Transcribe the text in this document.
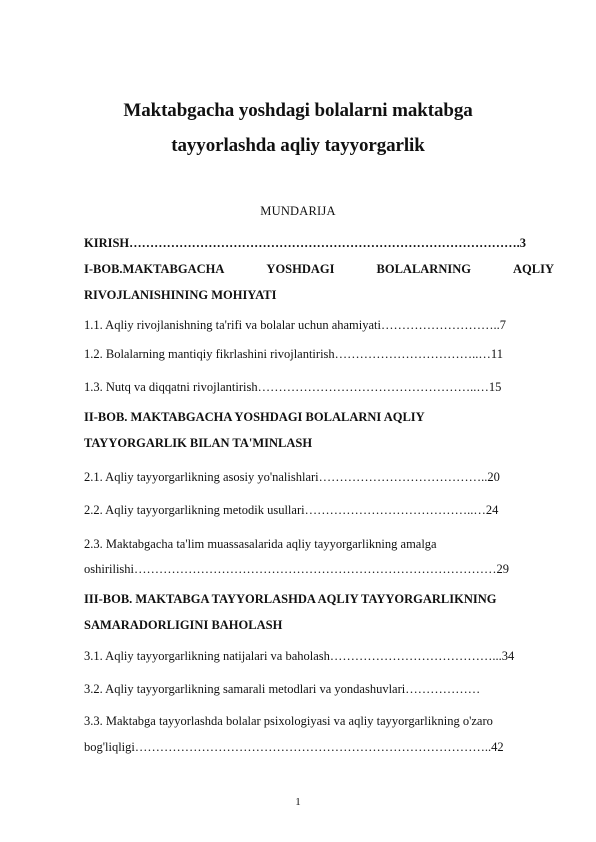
Maktabgacha yoshdagi bolalarni maktabga
tayyorlashda aqliy tayyorgarlik
MUNDARIJA
KIRISH………………………………………………………………………………….3
I-BOB.MAKTABGACHA	YOSHDAGI	BOLALARNING	AQLIY
RIVOJLANISHINING MOHIYATI
1.1. Aqliy rivojlanishning ta'rifi va bolalar uchun ahamiyati………………………..7
1.2. Bolalarning mantiqiy fikrlashini rivojlantirish……………………………..…11
1.3. Nutq va diqqatni rivojlantirish……………………………………………..…15
II-BOB. MAKTABGACHA YOSHDAGI BOLALARNI AQLIY
TAYYORGARLIK BILAN TA'MINLASH
2.1. Aqliy tayyorgarlikning asosiy yo'nalishlari…………………………………..20
2.2. Aqliy tayyorgarlikning metodik usullari…………………………………..…24
2.3. Maktabgacha ta'lim muassasalarida aqliy tayyorgarlikning amalga
oshirilishi……………………………………………………………………………29
III-BOB. MAKTABGA TAYYORLASHDA AQLIY TAYYORGARLIKNING
SAMARADORLIGINI BAHOLASH
3.1. Aqliy tayyorgarlikning natijalari va baholash…………………………………...34
3.2. Aqliy tayyorgarlikning samarali metodlari va yondashuvlari………………
3.3. Maktabga tayyorlashda bolalar psixologiyasi va aqliy tayyorgarlikning o'zaro
bog'liqligi…………………………………………………………………………..42
1
